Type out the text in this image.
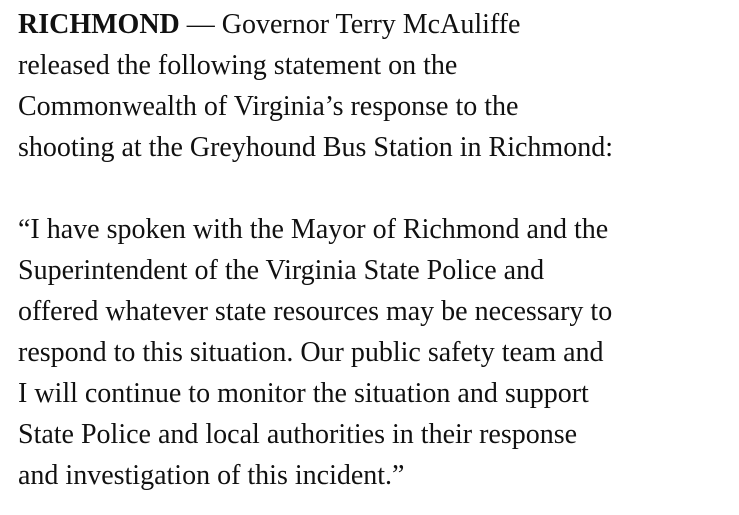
RICHMOND — Governor Terry McAuliffe
released the following statement on the
Commonwealth of Virginia’s response to the
shooting at the Greyhound Bus Station in Richmond:
“I have spoken with the Mayor of Richmond and the
Superintendent of the Virginia State Police and
offered whatever state resources may be necessary to
respond to this situation. Our public safety team and
I will continue to monitor the situation and support
State Police and local authorities in their response
and investigation of this incident.”
